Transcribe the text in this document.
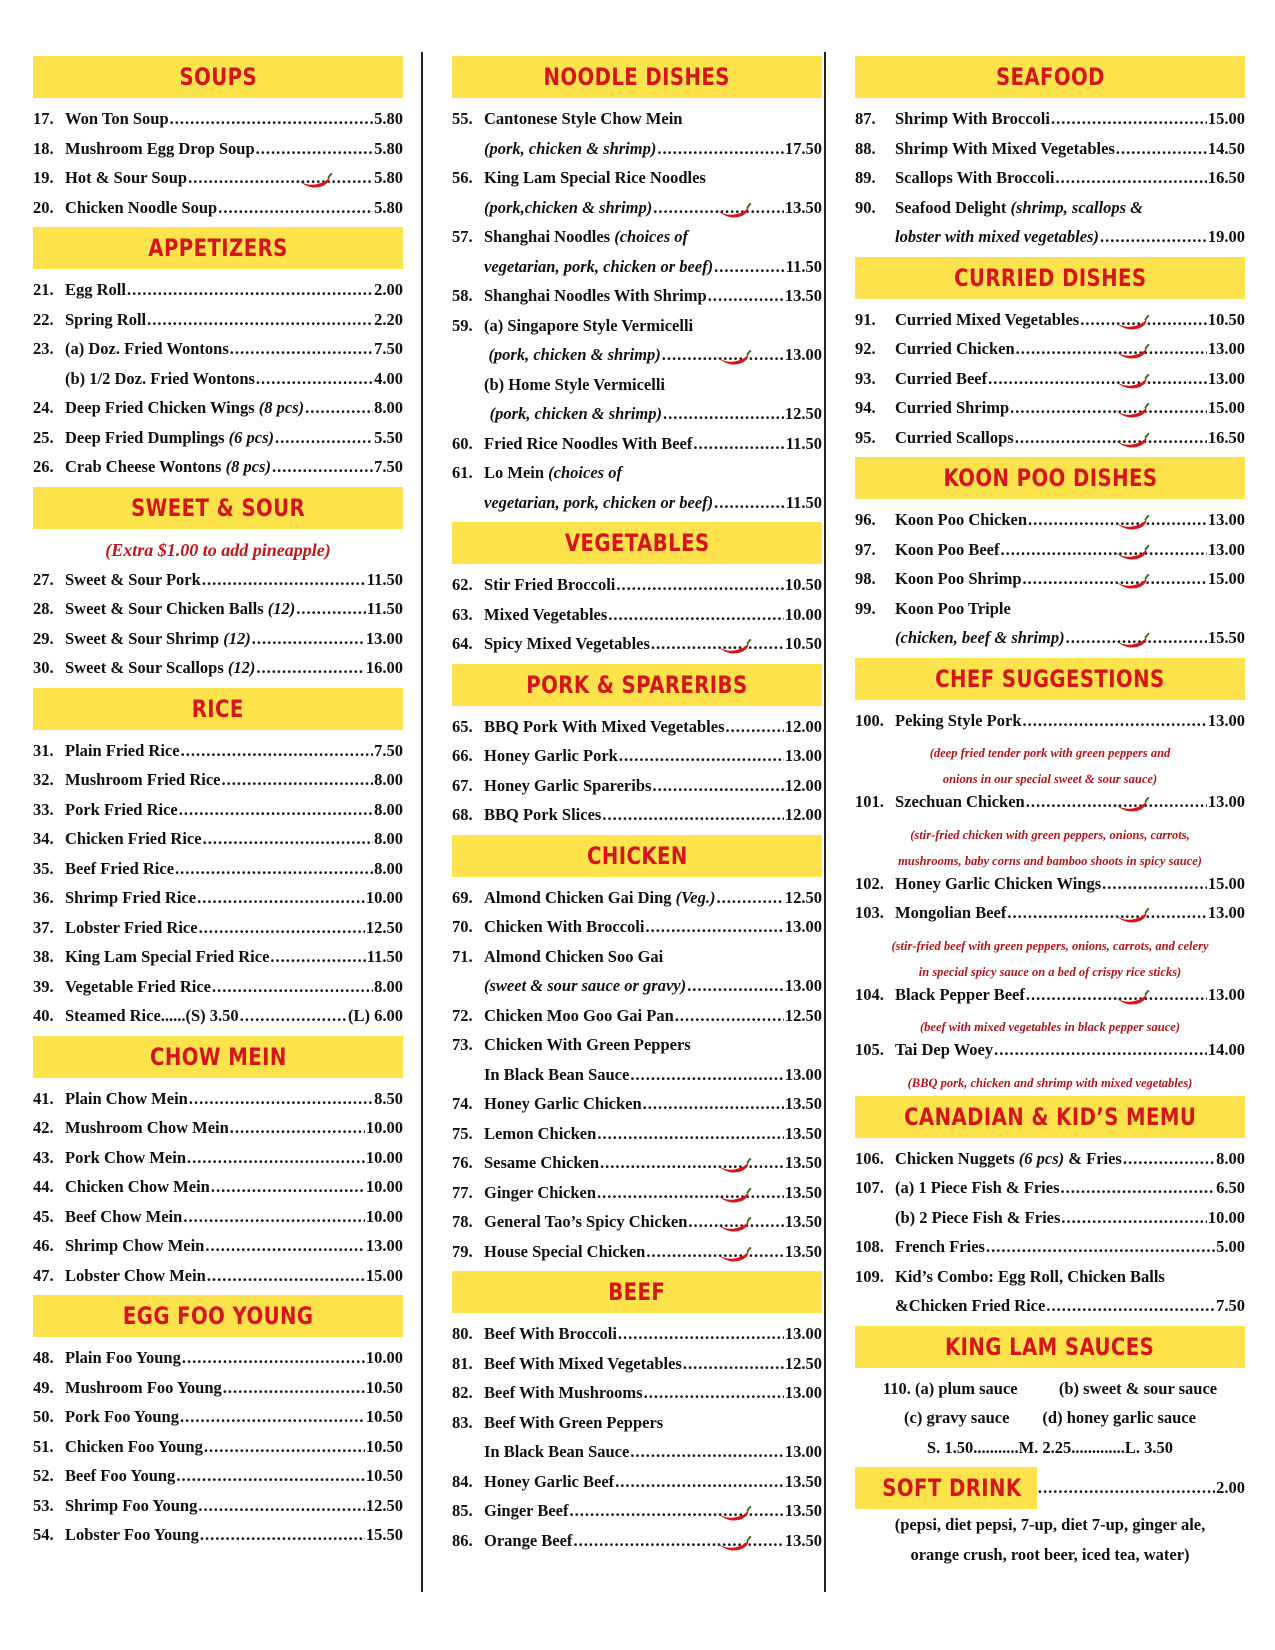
SOUPS
17. Won Ton Soup .....	5.80
18. Mushroom Egg Drop Soup .....	5.80
19. Hot & Sour Soup .....	5.80
20. Chicken Noodle Soup .....	5.80
APPETIZERS
21. Egg Roll .....	2.00
22. Spring Roll .....	2.20
23. (a) Doz. Fried Wontons .....	7.50
(b) 1/2 Doz. Fried Wontons .....	4.00
24. Deep Fried Chicken Wings (8 pcs) .....	8.00
25. Deep Fried Dumplings (6 pcs) .....	5.50
26. Crab Cheese Wontons (8 pcs) .....	7.50
SWEET & SOUR
(Extra $1.00 to add pineapple)
27. Sweet & Sour Pork .....	11.50
28. Sweet & Sour Chicken Balls (12) .....	11.50
29. Sweet & Sour Shrimp (12) .....	13.00
30. Sweet & Sour Scallops (12) .....	16.00
RICE
31. Plain Fried Rice .....	7.50
32. Mushroom Fried Rice .....	8.00
33. Pork Fried Rice .....	8.00
34. Chicken Fried Rice .....	8.00
35. Beef Fried Rice .....	8.00
36. Shrimp Fried Rice .....	10.00
37. Lobster Fried Rice .....	12.50
38. King Lam Special Fried Rice .....	11.50
39. Vegetable Fried Rice .....	8.00
40. Steamed Rice......(S) 3.50 .....	(L) 6.00
CHOW MEIN
41. Plain Chow Mein .....	8.50
42. Mushroom Chow Mein .....	10.00
43. Pork Chow Mein .....	10.00
44. Chicken Chow Mein .....	10.00
45. Beef Chow Mein .....	10.00
46. Shrimp Chow Mein .....	13.00
47. Lobster Chow Mein .....	15.00
EGG FOO YOUNG
48. Plain Foo Young .....	10.00
49. Mushroom Foo Young .....	10.50
50. Pork Foo Young .....	10.50
51. Chicken Foo Young .....	10.50
52. Beef Foo Young .....	10.50
53. Shrimp Foo Young .....	12.50
54. Lobster Foo Young .....	15.50
NOODLE DISHES
55. Cantonese Style Chow Mein
(pork, chicken & shrimp) .....	17.50
56. King Lam Special Rice Noodles
(pork,chicken & shrimp) .....	13.50
57. Shanghai Noodles (choices of
vegetarian, pork, chicken or beef) .....	11.50
58. Shanghai Noodles With Shrimp .....	13.50
59. (a) Singapore Style Vermicelli
(pork, chicken & shrimp) .....	13.00
(b) Home Style Vermicelli
(pork, chicken & shrimp) .....	12.50
60. Fried Rice Noodles With Beef .....	11.50
61. Lo Mein (choices of
vegetarian, pork, chicken or beef) .....	11.50
VEGETABLES
62. Stir Fried Broccoli .....	10.50
63. Mixed Vegetables .....	10.00
64. Spicy Mixed Vegetables .....	10.50
PORK & SPARERIBS
65. BBQ Pork With Mixed Vegetables .....	12.00
66. Honey Garlic Pork .....	13.00
67. Honey Garlic Spareribs .....	12.00
68. BBQ Pork Slices .....	12.00
CHICKEN
69. Almond Chicken Gai Ding (Veg.) .....	12.50
70. Chicken With Broccoli .....	13.00
71. Almond Chicken Soo Gai
(sweet & sour sauce or gravy) .....	13.00
72. Chicken Moo Goo Gai Pan .....	12.50
73. Chicken With Green Peppers
In Black Bean Sauce .....	13.00
74. Honey Garlic Chicken .....	13.50
75. Lemon Chicken .....	13.50
76. Sesame Chicken .....	13.50
77. Ginger Chicken .....	13.50
78. General Tao’s Spicy Chicken .....	13.50
79. House Special Chicken .....	13.50
BEEF
80. Beef With Broccoli .....	13.00
81. Beef With Mixed Vegetables .....	12.50
82. Beef With Mushrooms .....	13.00
83. Beef With Green Peppers
In Black Bean Sauce .....	13.00
84. Honey Garlic Beef .....	13.50
85. Ginger Beef .....	13.50
86. Orange Beef .....	13.50
SEAFOOD
87.	Shrimp With Broccoli .....	15.00
88.	Shrimp With Mixed Vegetables .....	14.50
89.	Scallops With Broccoli .....	16.50
90.	Seafood Delight (shrimp, scallops &
lobster with mixed vegetables) .....	19.00
CURRIED DISHES
91.	Curried Mixed Vegetables .....	10.50
92.	Curried Chicken .....	13.00
93.	Curried Beef .....	13.00
94.	Curried Shrimp .....	15.00
95.	Curried Scallops .....	16.50
KOON POO DISHES
96.	Koon Poo Chicken .....	13.00
97.	Koon Poo Beef .....	13.00
98.	Koon Poo Shrimp .....	15.00
99.	Koon Poo Triple
(chicken, beef & shrimp) .....	15.50
CHEF SUGGESTIONS
100. Peking Style Pork .....	13.00
(deep fried tender pork with green peppers and
onions in our special sweet & sour sauce)
101. Szechuan Chicken .....	13.00
(stir-fried chicken with green peppers, onions, carrots,
mushrooms, baby corns and bamboo shoots in spicy sauce)
102. Honey Garlic Chicken Wings .....	15.00
103. Mongolian Beef .....	13.00
(stir-fried beef with green peppers, onions, carrots, and celery
in special spicy sauce on a bed of crispy rice sticks)
104. Black Pepper Beef .....	13.00
(beef with mixed vegetables in black pepper sauce)
105. Tai Dep Woey .....	14.00
(BBQ pork, chicken and shrimp with mixed vegetables)
CANADIAN & KID’S MEMU
106. Chicken Nuggets (6 pcs) & Fries .....	8.00
107. (a) 1 Piece Fish & Fries .....	6.50
(b) 2 Piece Fish & Fries .....	10.00
108. French Fries .....	5.00
109. Kid’s Combo: Egg Roll, Chicken Balls
&Chicken Fried Rice .....	7.50
KING LAM SAUCES
110. (a) plum sauce          (b) sweet & sour sauce
(c) gravy sauce        (d) honey garlic sauce
S. 1.50...........M. 2.25.............L. 3.50
SOFT DRINK .....	2.00
(pepsi, diet pepsi, 7-up, diet 7-up, ginger ale,
orange crush, root beer, iced tea, water)
